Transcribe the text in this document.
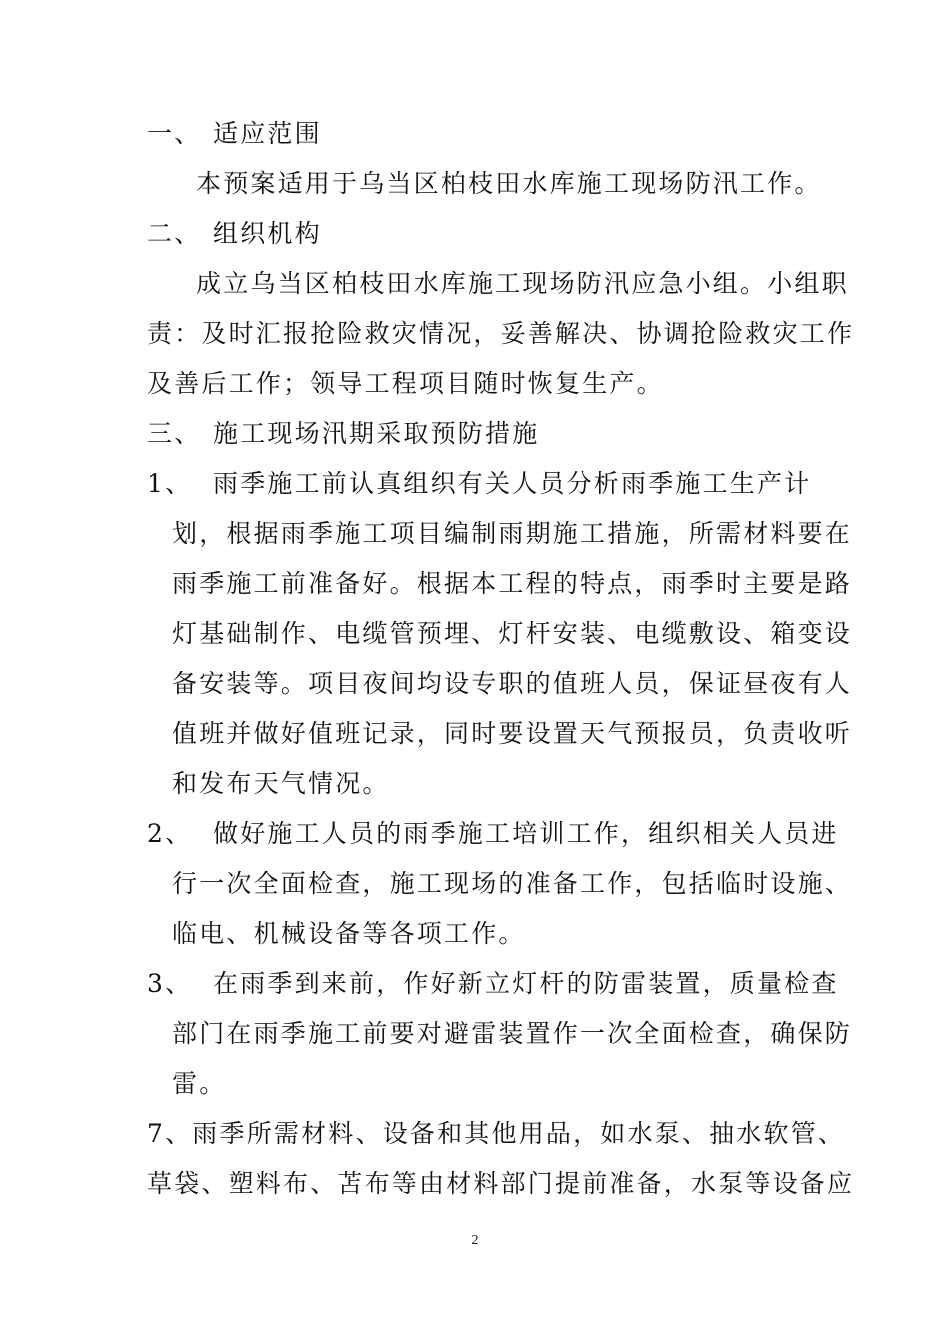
一、 适应范围
本预案适用于乌当区柏枝田水库施工现场防汛工作。
二、 组织机构
成立乌当区柏枝田水库施工现场防汛应急小组。小组职
责：及时汇报抢险救灾情况，妥善解决、协调抢险救灾工作
及善后工作；领导工程项目随时恢复生产。
三、 施工现场汛期采取预防措施
1、 雨季施工前认真组织有关人员分析雨季施工生产计
划，根据雨季施工项目编制雨期施工措施，所需材料要在
雨季施工前准备好。根据本工程的特点，雨季时主要是路
灯基础制作、电缆管预埋、灯杆安装、电缆敷设、箱变设
备安装等。项目夜间均设专职的值班人员，保证昼夜有人
值班并做好值班记录，同时要设置天气预报员，负责收听
和发布天气情况。
2、 做好施工人员的雨季施工培训工作，组织相关人员进
行一次全面检查，施工现场的准备工作，包括临时设施、
临电、机械设备等各项工作。
3、 在雨季到来前，作好新立灯杆的防雷装置，质量检查
部门在雨季施工前要对避雷装置作一次全面检查，确保防
雷。
7、雨季所需材料、设备和其他用品，如水泵、抽水软管、
草袋、塑料布、苫布等由材料部门提前准备，水泵等设备应
2
